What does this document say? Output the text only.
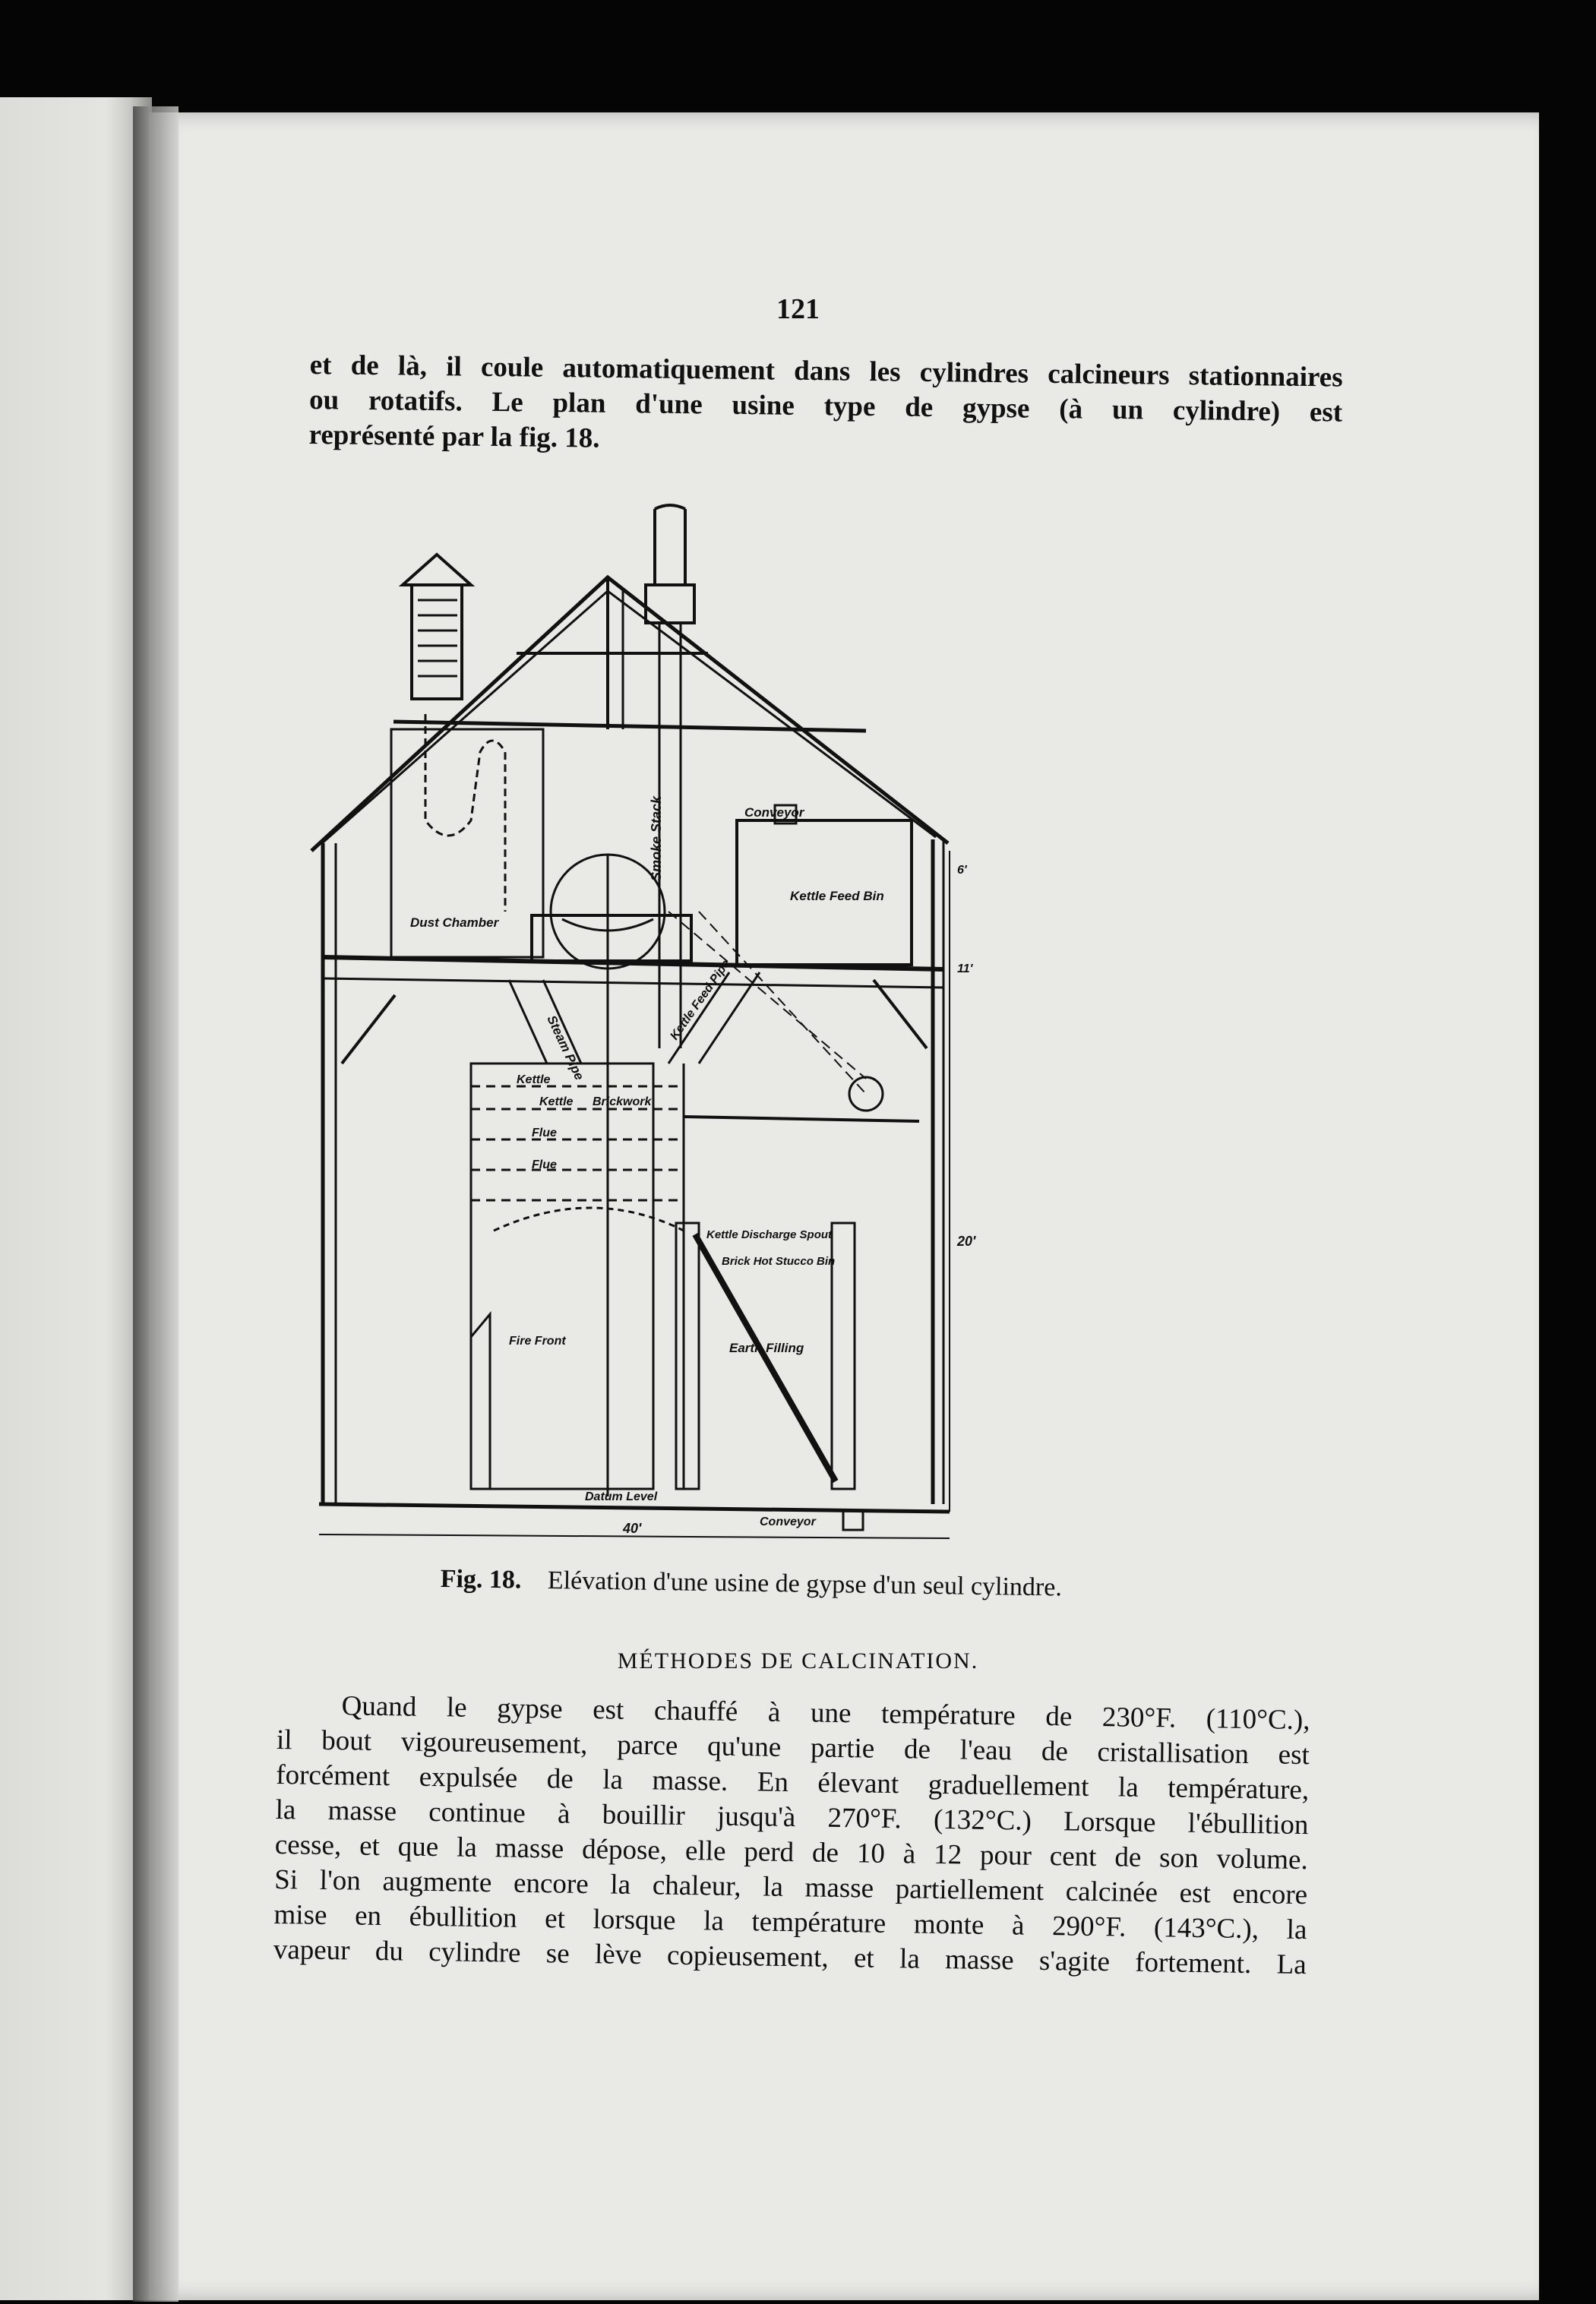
121
et de là, il coule automatiquement dans les cylindres calcineurs stationnaires
ou rotatifs. Le plan d'une usine type de gypse (à un cylindre) est
représenté par la fig. 18.
Conveyor
Smoke Stack
Kettle Feed Bin
Dust Chamber
Steam Pipe
Kettle Feed Pipe
Kettle
Kettle Brickwork
Flue
Flue
Kettle Discharge Spout
Brick Hot Stucco Bin
Earth Filling
Fire Front
Datum Level
Conveyor
40'
6'
11'
20'
Fig. 18. Elévation d'une usine de gypse d'un seul cylindre.
MÉTHODES DE CALCINATION.
Quand le gypse est chauffé à une température de 230°F. (110°C.),
il bout vigoureusement, parce qu'une partie de l'eau de cristallisation est
forcément expulsée de la masse. En élevant graduellement la température,
la masse continue à bouillir jusqu'à 270°F. (132°C.) Lorsque l'ébullition
cesse, et que la masse dépose, elle perd de 10 à 12 pour cent de son volume.
Si l'on augmente encore la chaleur, la masse partiellement calcinée est encore
mise en ébullition et lorsque la température monte à 290°F. (143°C.), la
vapeur du cylindre se lève copieusement, et la masse s'agite fortement. La
